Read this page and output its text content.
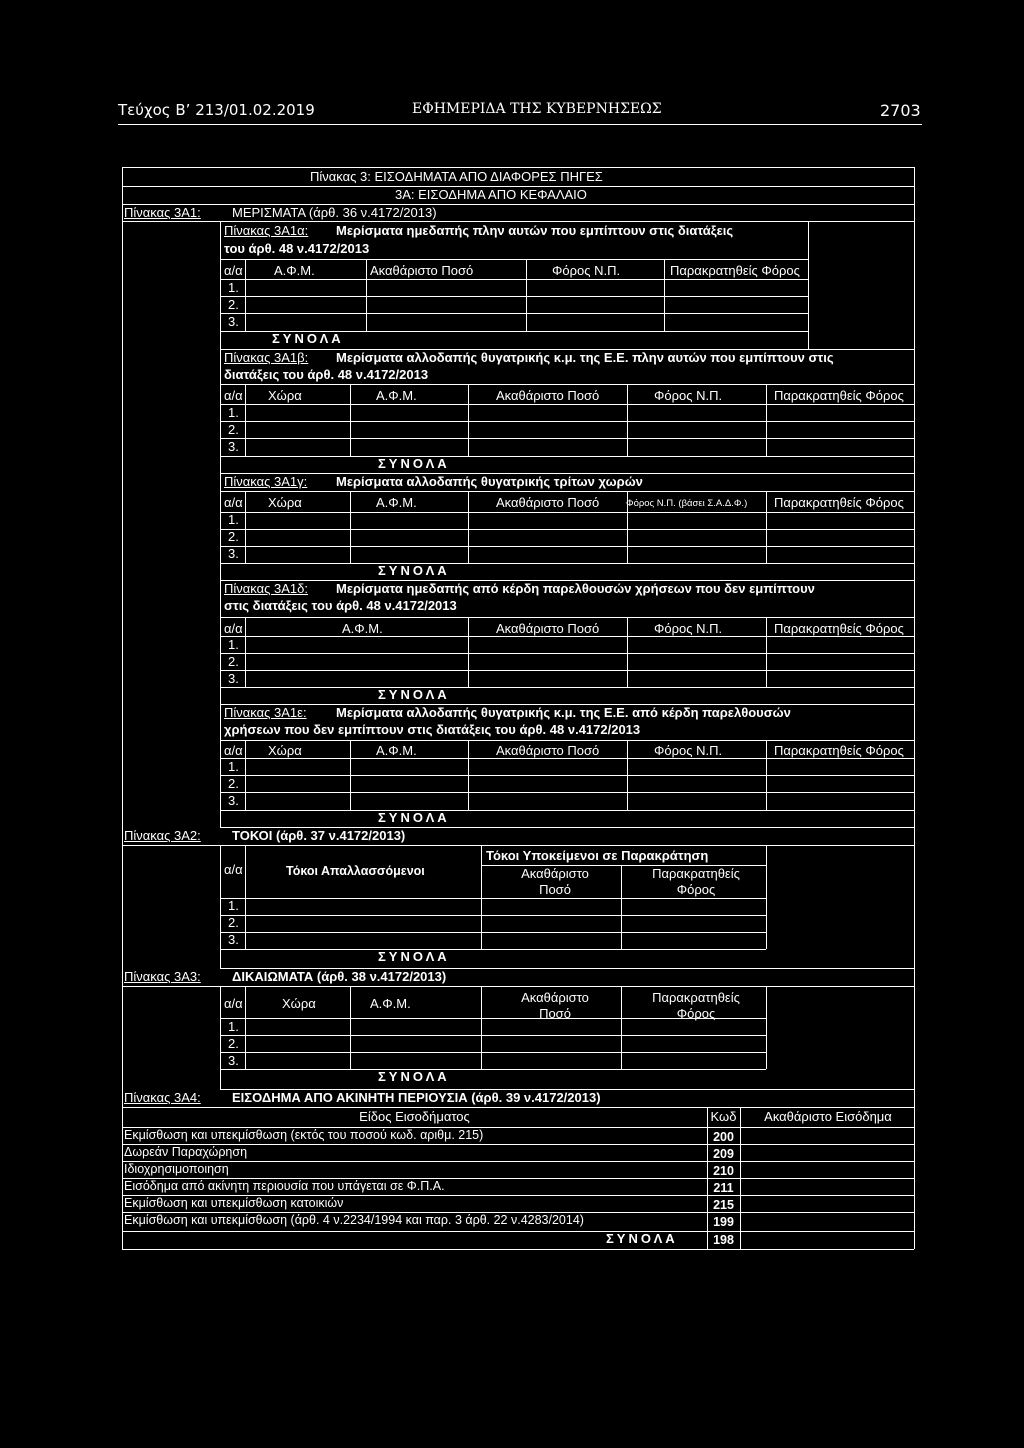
Τεύχος Β’ 213/01.02.2019	ΕΦΗΜΕΡΙΔΑ ΤΗΣ ΚΥΒΕΡΝΗΣΕΩΣ	2703
Πίνακας 3: ΕΙΣΟΔΗΜΑΤΑ ΑΠΟ ΔΙΑΦΟΡΕΣ ΠΗΓΕΣ
3Α: ΕΙΣΟΔΗΜΑ ΑΠΟ ΚΕΦΑΛΑΙΟ
Πίνακας 3Α1: ΜΕΡΙΣΜΑΤΑ (άρθ. 36 ν.4172/2013)
Πίνακας 3Α1α: Μερίσματα ημεδαπής πλην αυτών που εμπίπτουν στις διατάξεις
του άρθ. 48 ν.4172/2013
α/α Α.Φ.Μ.	Ακαθάριστο Ποσό	Φόρος Ν.Π.	Παρακρατηθείς Φόρος
1.
2.
3.
ΣΥΝΟΛΑ
Πίνακας 3Α1β: Μερίσματα αλλοδαπής θυγατρικής κ.μ. της Ε.Ε. πλην αυτών που εμπίπτουν στις
διατάξεις του άρθ. 48 ν.4172/2013
α/α Χώρα	Α.Φ.Μ.	Ακαθάριστο Ποσό	Φόρος Ν.Π.	Παρακρατηθείς Φόρος
1.
2.
3.
ΣΥΝΟΛΑ
Πίνακας 3Α1γ: Μερίσματα αλλοδαπής θυγατρικής τρίτων χωρών
α/α Χώρα	Α.Φ.Μ.	Ακαθάριστο Ποσό	Φόρος Ν.Π. (βάσει Σ.Α.Δ.Φ.) Παρακρατηθείς Φόρος
1.
2.
3.
ΣΥΝΟΛΑ
Πίνακας 3Α1δ: Μερίσματα ημεδαπής από κέρδη παρελθουσών χρήσεων που δεν εμπίπτουν
στις διατάξεις του άρθ. 48 ν.4172/2013
α/α	Α.Φ.Μ.	Ακαθάριστο Ποσό	Φόρος Ν.Π.	Παρακρατηθείς Φόρος
1.
2.
3.
ΣΥΝΟΛΑ
Πίνακας 3Α1ε: Μερίσματα αλλοδαπής θυγατρικής κ.μ. της Ε.Ε. από κέρδη παρελθουσών
χρήσεων που δεν εμπίπτουν στις διατάξεις του άρθ. 48 ν.4172/2013
α/α Χώρα	Α.Φ.Μ.	Ακαθάριστο Ποσό	Φόρος Ν.Π.	Παρακρατηθείς Φόρος
1.
2.
3.
ΣΥΝΟΛΑ
Πίνακας 3Α2: ΤΟΚΟΙ (άρθ. 37 ν.4172/2013)
Τόκοι Υποκείμενοι σε Παρακράτηση
α/α	Τόκοι Απαλλασσόμενοι	Ακαθάριστο
Ποσό
Παρακρατηθείς
Φόρος
1.
2.
3.
ΣΥΝΟΛΑ
Πίνακας 3Α3: ΔΙΚΑΙΩΜΑΤΑ (άρθ. 38 ν.4172/2013)
α/α	Χώρα	Α.Φ.Μ.	Ακαθάριστο
Ποσό
Παρακρατηθείς
Φόρος
1.
2.
3.
ΣΥΝΟΛΑ
Πίνακας 3Α4: ΕΙΣΟΔΗΜΑ ΑΠΟ ΑΚΙΝΗΤΗ ΠΕΡΙΟΥΣΙΑ (άρθ. 39 ν.4172/2013)
Είδος Εισοδήματος	Κωδ	Ακαθάριστο Εισόδημα
Εκμίσθωση και υπεκμίσθωση (εκτός του ποσού κωδ. αριθμ. 215)	200
Δωρεάν Παραχώρηση	209
Ιδιοχρησιμοποιηση	210
Εισόδημα από ακίνητη περιουσία που υπάγεται σε Φ.Π.Α.	211
Εκμίσθωση και υπεκμίσθωση κατοικιών	215
Εκμίσθωση και υπεκμίσθωση (άρθ. 4 ν.2234/1994 και παρ. 3 άρθ. 22 ν.4283/2014)	199
ΣΥΝΟΛΑ	198
